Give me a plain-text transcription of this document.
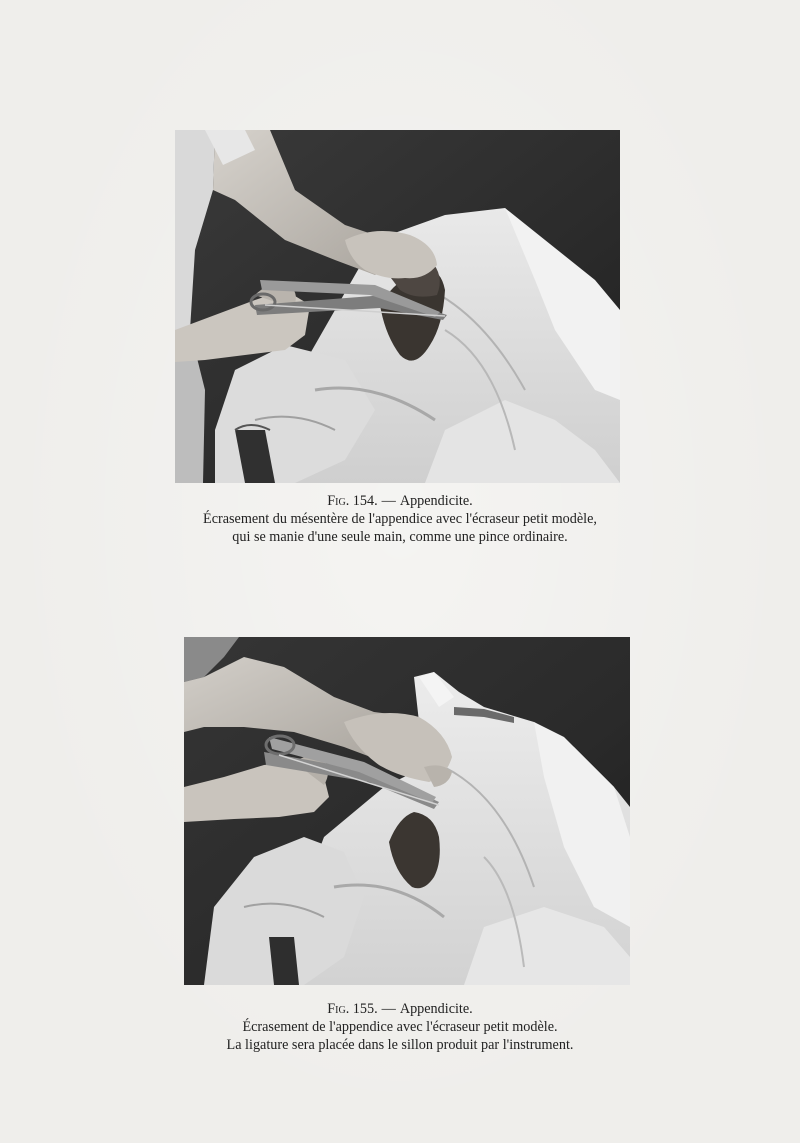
Fig. 154. — Appendicite.
Écrasement du mésentère de l'appendice avec l'écraseur petit modèle,
qui se manie d'une seule main, comme une pince ordinaire.
Fig. 155. — Appendicite.
Écrasement de l'appendice avec l'écraseur petit modèle.
La ligature sera placée dans le sillon produit par l'instrument.
